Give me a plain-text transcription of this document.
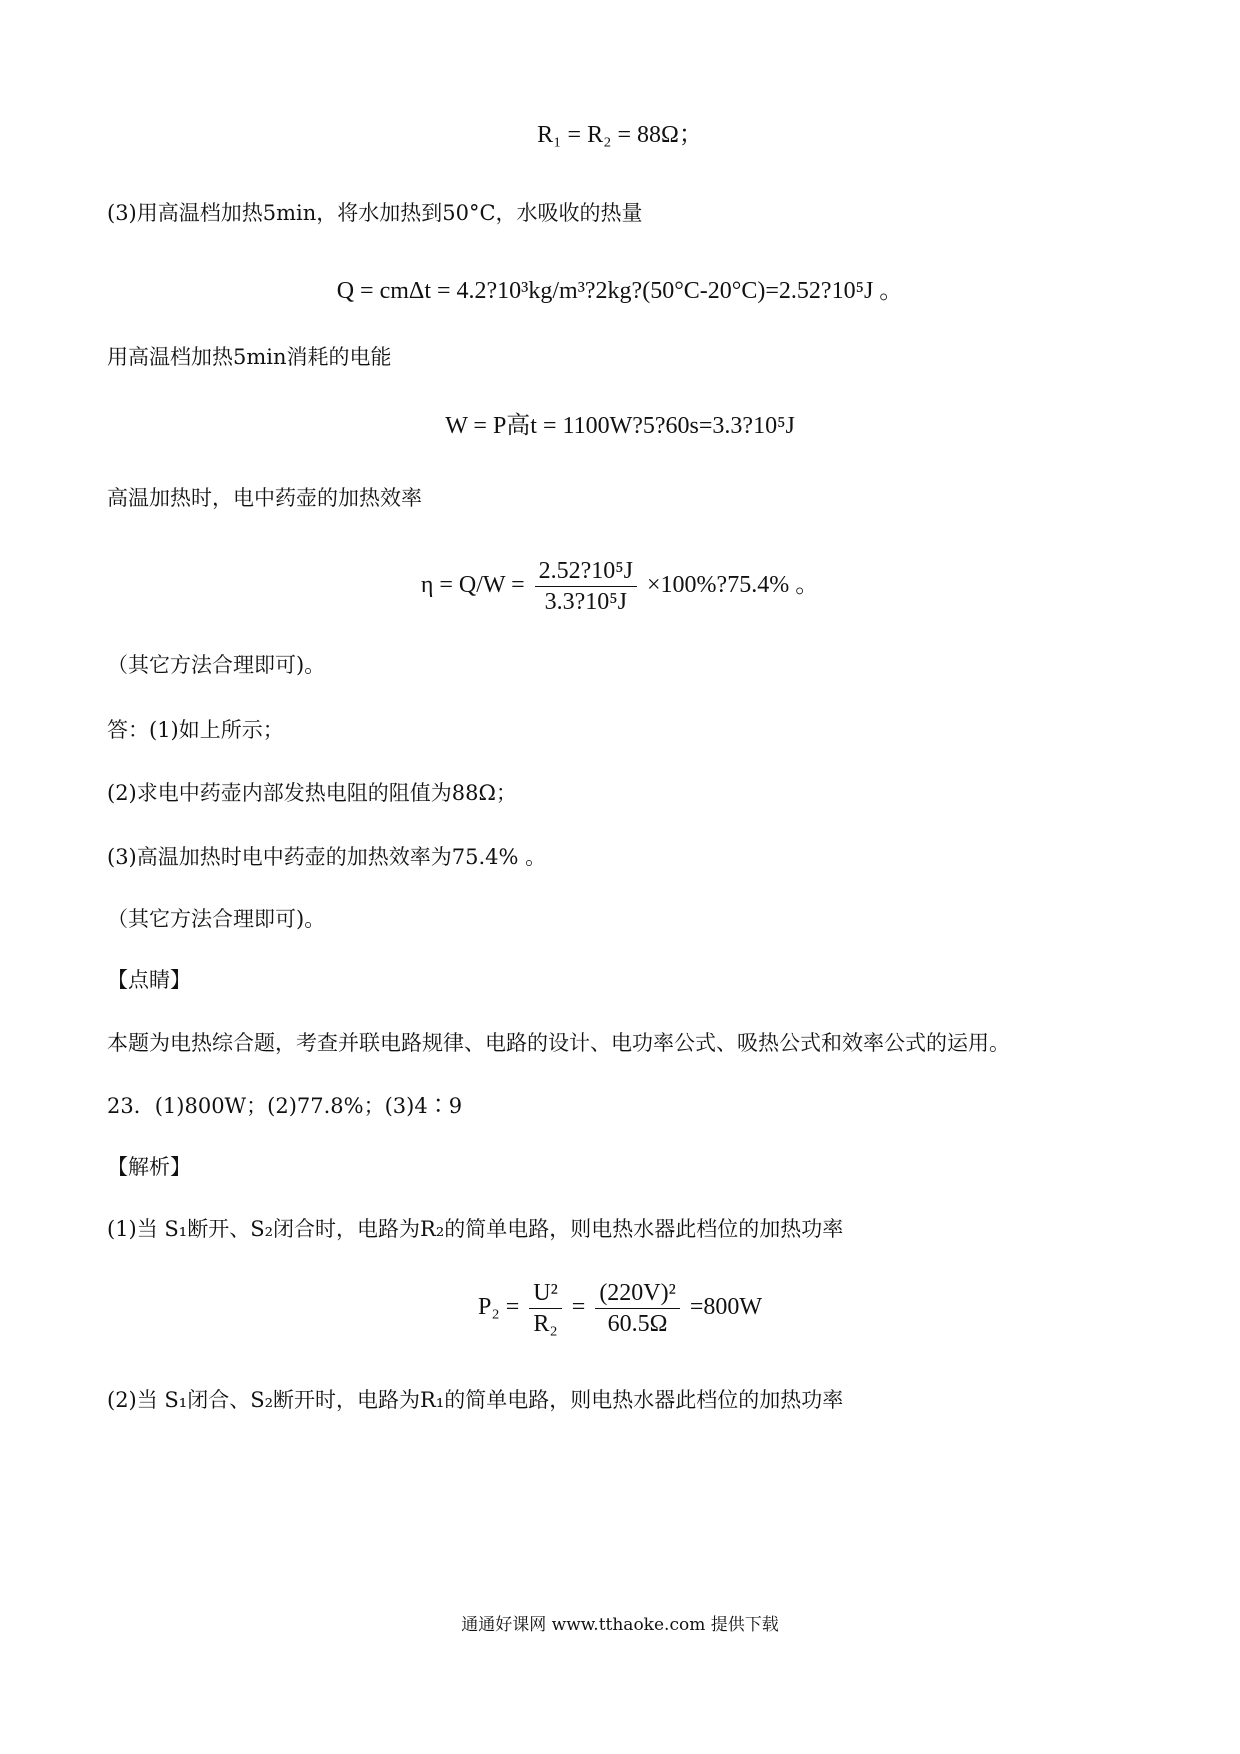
R₁ = R₂ = 88Ω；
(3)用高温档加热5min，将水加热到50°C，水吸收的热量
Q = cmΔt = 4.2?10³kg/m³?2kg?(50°C-20°C)=2.52?10⁵J 。
用高温档加热5min消耗的电能
W = P高t = 1100W?5?60s=3.3?10⁵J
高温加热时，电中药壶的加热效率
$\eta = Q/W = \frac{\text{2.52?10⁵J}}{\text{3.3?10⁵J}}$ ×100%?75.4% 。
（其它方法合理即可)。
答：(1)如上所示；
(2)求电中药壶内部发热电阻的阻值为88Ω；
(3)高温加热时电中药壶的加热效率为75.4% 。
（其它方法合理即可)。
【点睛】
本题为电热综合题，考查并联电路规律、电路的设计、电功率公式、吸热公式和效率公式的运用。
23．(1)800W；(2)77.8%；(3)4∶9
【解析】
(1)当 S₁断开、S₂闭合时，电路为R₂的简单电路，则电热水器此档位的加热功率
$P_2 = \frac{\text{U²}}{\text{R₂}} = \frac{\text{(220V)²}}{60.5\Omega} =800W$
(2)当 S₁闭合、S₂断开时，电路为R₁的简单电路，则电热水器此档位的加热功率
通通好课网 www.tthaoke.com 提供下载
